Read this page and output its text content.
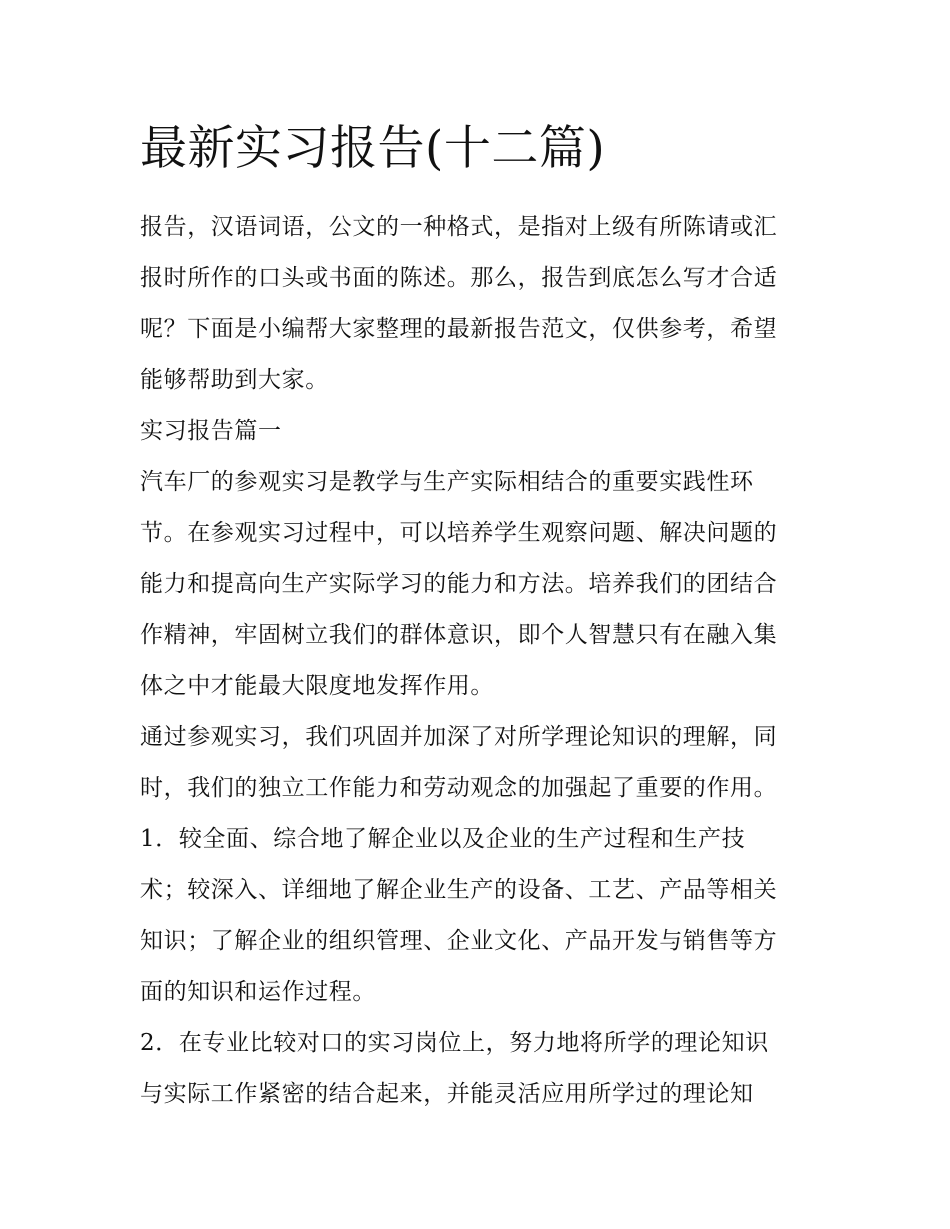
最新实习报告(十二篇)
报告，汉语词语，公文的一种格式，是指对上级有所陈请或汇
报时所作的口头或书面的陈述。那么，报告到底怎么写才合适
呢？下面是小编帮大家整理的最新报告范文，仅供参考，希望
能够帮助到大家。
实习报告篇一
汽车厂的参观实习是教学与生产实际相结合的重要实践性环
节。在参观实习过程中，可以培养学生观察问题、解决问题的
能力和提高向生产实际学习的能力和方法。培养我们的团结合
作精神，牢固树立我们的群体意识，即个人智慧只有在融入集
体之中才能最大限度地发挥作用。
通过参观实习，我们巩固并加深了对所学理论知识的理解，同
时，我们的独立工作能力和劳动观念的加强起了重要的作用。
1．较全面、综合地了解企业以及企业的生产过程和生产技
术；较深入、详细地了解企业生产的设备、工艺、产品等相关
知识；了解企业的组织管理、企业文化、产品开发与销售等方
面的知识和运作过程。
2．在专业比较对口的实习岗位上，努力地将所学的理论知识
与实际工作紧密的结合起来，并能灵活应用所学过的理论知
